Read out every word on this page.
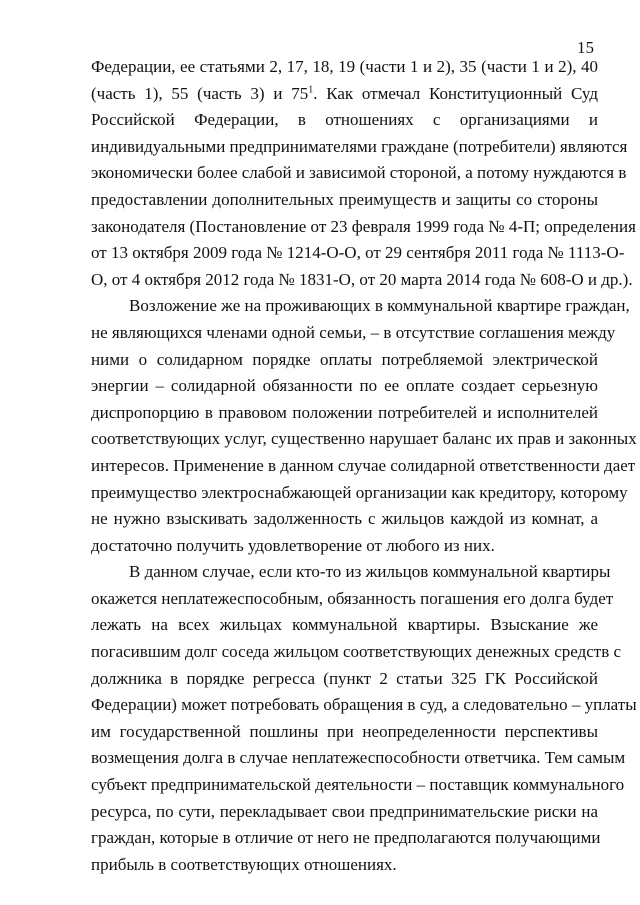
15

Федерации, ее статьями 2, 17, 18, 19 (части 1 и 2), 35 (части 1 и 2), 40
(часть 1), 55 (часть 3) и $75^1$. Как отмечал Конституционный Суд
Российской Федерации, в отношениях с организациями и
индивидуальными предпринимателями граждане (потребители) являются
экономически более слабой и зависимой стороной, а потому нуждаются в
предоставлении дополнительных преимуществ и защиты со стороны
законодателя (Постановление от 23 февраля 1999 года № 4-П; определения
от 13 октября 2009 года № 1214-О-О, от 29 сентября 2011 года № 1113-О-
О, от 4 октября 2012 года № 1831-О, от 20 марта 2014 года № 608-О и др.).

Возложение же на проживающих в коммунальной квартире граждан,
не являющихся членами одной семьи, – в отсутствие соглашения между
ними о солидарном порядке оплаты потребляемой электрической
энергии – солидарной обязанности по ее оплате создает серьезную
диспропорцию в правовом положении потребителей и исполнителей
соответствующих услуг, существенно нарушает баланс их прав и законных
интересов. Применение в данном случае солидарной ответственности дает
преимущество электроснабжающей организации как кредитору, которому
не нужно взыскивать задолженность с жильцов каждой из комнат, а
достаточно получить удовлетворение от любого из них.

В данном случае, если кто-то из жильцов коммунальной квартиры
окажется неплатежеспособным, обязанность погашения его долга будет
лежать на всех жильцах коммунальной квартиры. Взыскание же
погасившим долг соседа жильцом соответствующих денежных средств с
должника в порядке регресса (пункт 2 статьи 325 ГК Российской
Федерации) может потребовать обращения в суд, а следовательно – уплаты
им государственной пошлины при неопределенности перспективы
возмещения долга в случае неплатежеспособности ответчика. Тем самым
субъект предпринимательской деятельности – поставщик коммунального
ресурса, по сути, перекладывает свои предпринимательские риски на
граждан, которые в отличие от него не предполагаются получающими
прибыль в соответствующих отношениях.
